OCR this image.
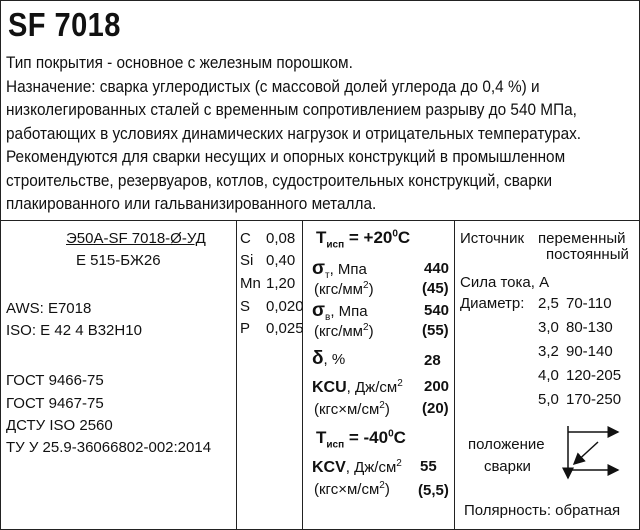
SF 7018
Тип покрытия - основное с железным порошком.
Назначение: сварка углеродистых (с массовой долей углерода до 0,4 %) и
низколегированных сталей с временным сопротивлением разрыву до 540 МПа,
работающих в условиях динамических нагрузок и отрицательных температурах.
Рекомендуются для сварки несущих и опорных конструкций в промышленном
строительстве, резервуаров, котлов, судостроительных конструкций, сварки
плакированного или гальванизированного металла.
Э50А-SF 7018-Ø-УД
Е 515-БЖ26
AWS: E7018
ISO: E 42 4 B32H10
ГОСТ 9466-75
ГОСТ 9467-75
ДСТУ ISO 2560
ТУ У 25.9-36066802-002:2014
C 0,08
Si 0,40
Mn 1,20
S 0,020
P 0,025
$T_{исп} = +20^0C$
$\sigma_т$, Мпа	440
$(кгс/мм^2)$	(45)
$\sigma_в$, Мпа	540
$(кгс/мм^2)$	(55)
δ, %	28
KCU, $Дж/см^2$ 200
$(кгс\times м/см^2)$ (20)
$T_{исп} = -40^0C$
KCV, $Дж/см^2$ 55
$(кгс\times м/см^2)$ (5,5)
Источник переменный
постоянный
Сила тока, А
Диаметр: 2,5 70-110
3,0 80-130
3,2 90-140
4,0 120-205
5,0 170-250
положение
сварки
Полярность: обратная
